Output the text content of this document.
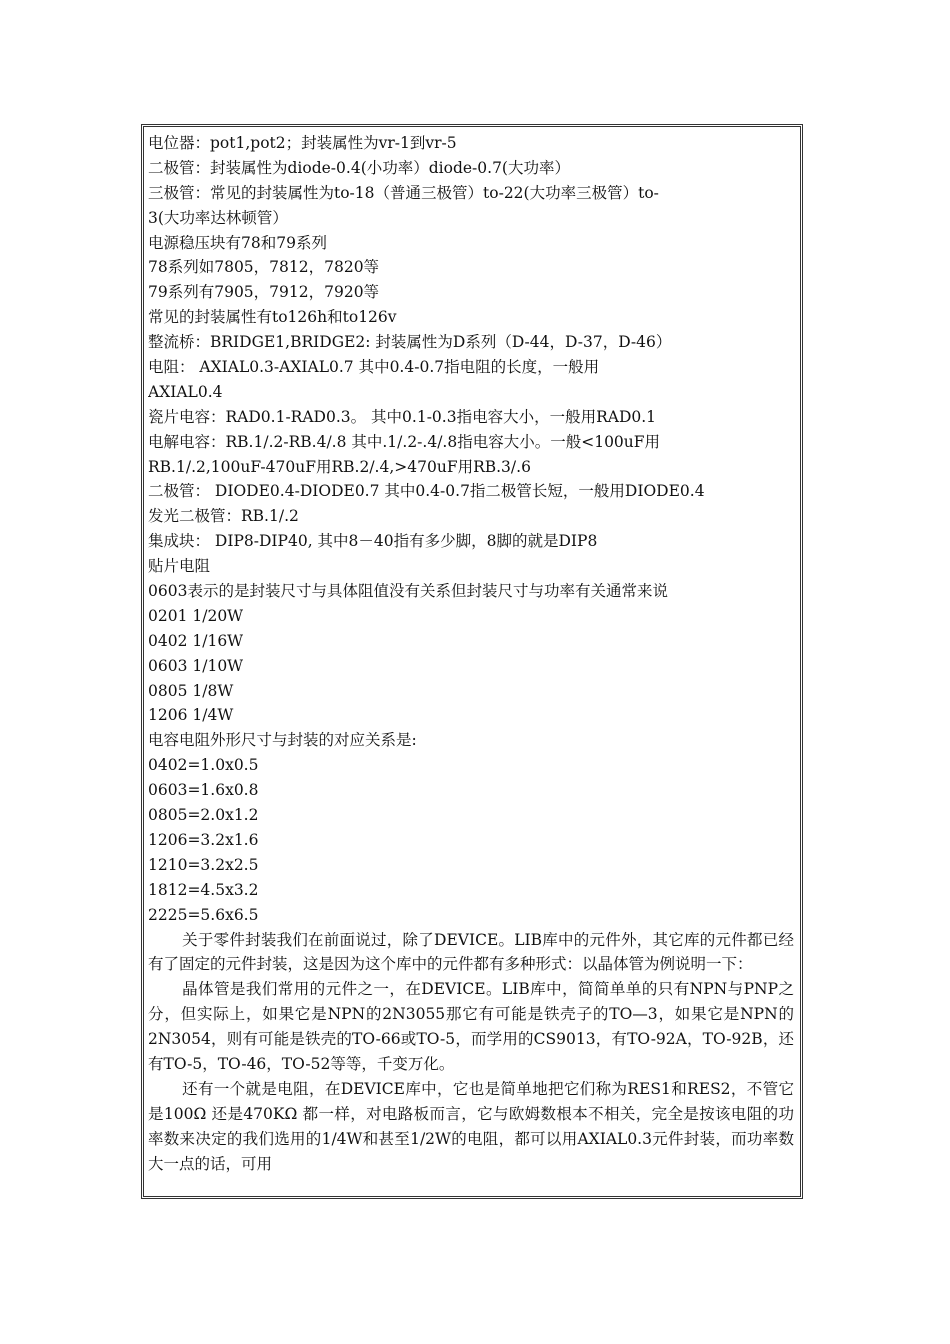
电位器：pot1,pot2；封装属性为vr-1到vr-5
二极管：封装属性为diode-0.4(小功率）diode-0.7(大功率）
三极管：常见的封装属性为to-18（普通三极管）to-22(大功率三极管）to-
3(大功率达林顿管）
电源稳压块有78和79系列
78系列如7805，7812，7820等
79系列有7905，7912，7920等
常见的封装属性有to126h和to126v
整流桥：BRIDGE1,BRIDGE2: 封装属性为D系列（D-44，D-37，D-46）
电阻： AXIAL0.3-AXIAL0.7 其中0.4-0.7指电阻的长度，一般用
AXIAL0.4
瓷片电容：RAD0.1-RAD0.3。 其中0.1-0.3指电容大小，一般用RAD0.1
电解电容：RB.1/.2-RB.4/.8 其中.1/.2-.4/.8指电容大小。一般<100uF用
RB.1/.2,100uF-470uF用RB.2/.4,>470uF用RB.3/.6
二极管： DIODE0.4-DIODE0.7 其中0.4-0.7指二极管长短，一般用DIODE0.4
发光二极管：RB.1/.2
集成块： DIP8-DIP40, 其中8－40指有多少脚，8脚的就是DIP8
贴片电阻
0603表示的是封装尺寸与具体阻值没有关系但封装尺寸与功率有关通常来说
0201 1/20W
0402 1/16W
0603 1/10W
0805 1/8W
1206 1/4W
电容电阻外形尺寸与封装的对应关系是:
0402=1.0x0.5
0603=1.6x0.8
0805=2.0x1.2
1206=3.2x1.6
1210=3.2x2.5
1812=4.5x3.2
2225=5.6x6.5

关于零件封装我们在前面说过，除了DEVICE。LIB库中的元件外，其它库的元件都已经有了固定的元件封装，这是因为这个库中的元件都有多种形式：以晶体管为例说明一下：

晶体管是我们常用的元件之一，在DEVICE。LIB库中，简简单单的只有NPN与PNP之分，但实际上，如果它是NPN的2N3055那它有可能是铁壳子的TO—3，如果它是NPN的2N3054，则有可能是铁壳的TO-66或TO-5，而学用的CS9013，有TO-92A，TO-92B，还有TO-5，TO-46，TO-52等等，千变万化。

还有一个就是电阻，在DEVICE库中，它也是简单地把它们称为RES1和RES2，不管它是100Ω 还是470KΩ 都一样，对电路板而言，它与欧姆数根本不相关，完全是按该电阻的功率数来决定的我们选用的1/4W和甚至1/2W的电阻，都可以用AXIAL0.3元件封装，而功率数大一点的话，可用
